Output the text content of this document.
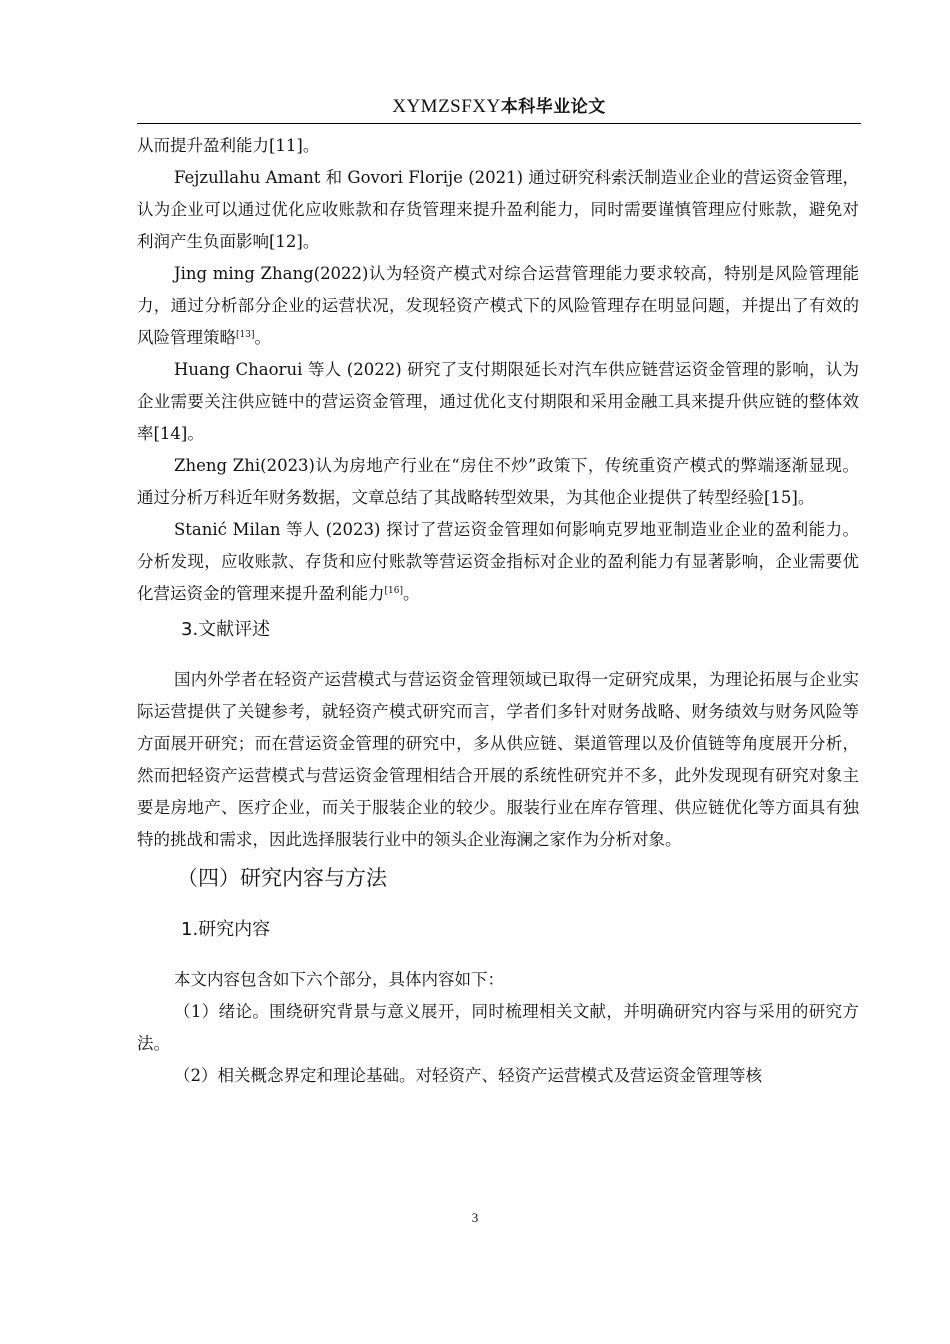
XYMZSFXY本科毕业论文

从而提升盈利能力[11]。

Fejzullahu Amant 和 Govori Florije (2021) 通过研究科索沃制造业企业的营运资金管理，认为企业可以通过优化应收账款和存货管理来提升盈利能力，同时需要谨慎管理应付账款，避免对利润产生负面影响[12]。

Jing ming Zhang(2022)认为轻资产模式对综合运营管理能力要求较高，特别是风险管理能力，通过分析部分企业的运营状况，发现轻资产模式下的风险管理存在明显问题，并提出了有效的风险管理策略[13]。

Huang Chaorui 等人 (2022) 研究了支付期限延长对汽车供应链营运资金管理的影响，认为企业需要关注供应链中的营运资金管理，通过优化支付期限和采用金融工具来提升供应链的整体效率[14]。

Zheng Zhi(2023)认为房地产行业在“房住不炒”政策下，传统重资产模式的弊端逐渐显现。通过分析万科近年财务数据，文章总结了其战略转型效果，为其他企业提供了转型经验[15]。

Stanić Milan 等人 (2023) 探讨了营运资金管理如何影响克罗地亚制造业企业的盈利能力。分析发现，应收账款、存货和应付账款等营运资金指标对企业的盈利能力有显著影响，企业需要优化营运资金的管理来提升盈利能力[16]。

3.文献评述

国内外学者在轻资产运营模式与营运资金管理领域已取得一定研究成果，为理论拓展与企业实际运营提供了关键参考，就轻资产模式研究而言，学者们多针对财务战略、财务绩效与财务风险等方面展开研究；而在营运资金管理的研究中，多从供应链、渠道管理以及价值链等角度展开分析，然而把轻资产运营模式与营运资金管理相结合开展的系统性研究并不多，此外发现现有研究对象主要是房地产、医疗企业，而关于服装企业的较少。服装行业在库存管理、供应链优化等方面具有独特的挑战和需求，因此选择服装行业中的领头企业海澜之家作为分析对象。

（四）研究内容与方法
1.研究内容

本文内容包含如下六个部分，具体内容如下：

（1）绪论。围绕研究背景与意义展开，同时梳理相关文献，并明确研究内容与采用的研究方法。

（2）相关概念界定和理论基础。对轻资产、轻资产运营模式及营运资金管理等核

3
